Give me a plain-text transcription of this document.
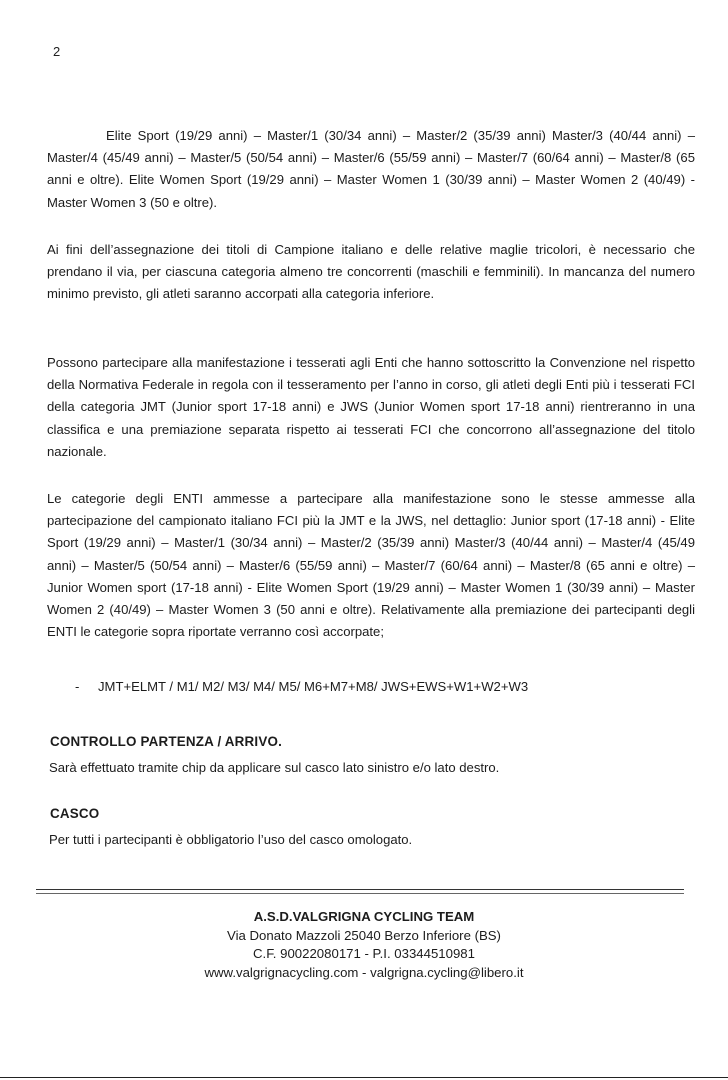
2

Elite Sport (19/29 anni) – Master/1 (30/34 anni) – Master/2 (35/39 anni) Master/3 (40/44 anni) – Master/4 (45/49 anni) – Master/5 (50/54 anni) – Master/6 (55/59 anni) – Master/7 (60/64 anni) – Master/8 (65 anni e oltre). Elite Women Sport (19/29 anni) – Master Women 1 (30/39 anni) – Master Women 2 (40/49) - Master Women 3 (50 e oltre).

Ai fini dell’assegnazione dei titoli di Campione italiano e delle relative maglie tricolori, è necessario che prendano il via, per ciascuna categoria almeno tre concorrenti (maschili e femminili). In mancanza del numero minimo previsto, gli atleti saranno accorpati alla categoria inferiore.

Possono partecipare alla manifestazione i tesserati agli Enti che hanno sottoscritto la Convenzione nel rispetto della Normativa Federale in regola con il tesseramento per l’anno in corso, gli atleti degli Enti più i tesserati FCI della categoria JMT (Junior sport 17-18 anni) e JWS (Junior Women sport 17-18 anni) rientreranno in una classifica e una premiazione separata rispetto ai tesserati FCI che concorrono all’assegnazione del titolo nazionale.

Le categorie degli ENTI ammesse a partecipare alla manifestazione sono le stesse ammesse alla partecipazione del campionato italiano FCI più la JMT e la JWS, nel dettaglio: Junior sport (17-18 anni) - Elite Sport (19/29 anni) – Master/1 (30/34 anni) – Master/2 (35/39 anni) Master/3 (40/44 anni) – Master/4 (45/49 anni) – Master/5 (50/54 anni) – Master/6 (55/59 anni) – Master/7 (60/64 anni) – Master/8 (65 anni e oltre) – Junior Women sport (17-18 anni) - Elite Women Sport (19/29 anni) – Master Women 1 (30/39 anni) – Master Women 2 (40/49) – Master Women 3 (50 anni e oltre). Relativamente alla premiazione dei partecipanti degli ENTI le categorie sopra riportate verranno così accorpate;

- JMT+ELMT / M1/ M2/ M3/ M4/ M5/ M6+M7+M8/ JWS+EWS+W1+W2+W3
CONTROLLO PARTENZA / ARRIVO.
Sarà effettuato tramite chip da applicare sul casco lato sinistro e/o lato destro.
CASCO
Per tutti i partecipanti è obbligatorio l’uso del casco omologato.
A.S.D.VALGRIGNA CYCLING TEAM
Via Donato Mazzoli 25040 Berzo Inferiore (BS)
C.F. 90022080171 - P.I. 03344510981
www.valgrignacycling.com - valgrigna.cycling@libero.it
